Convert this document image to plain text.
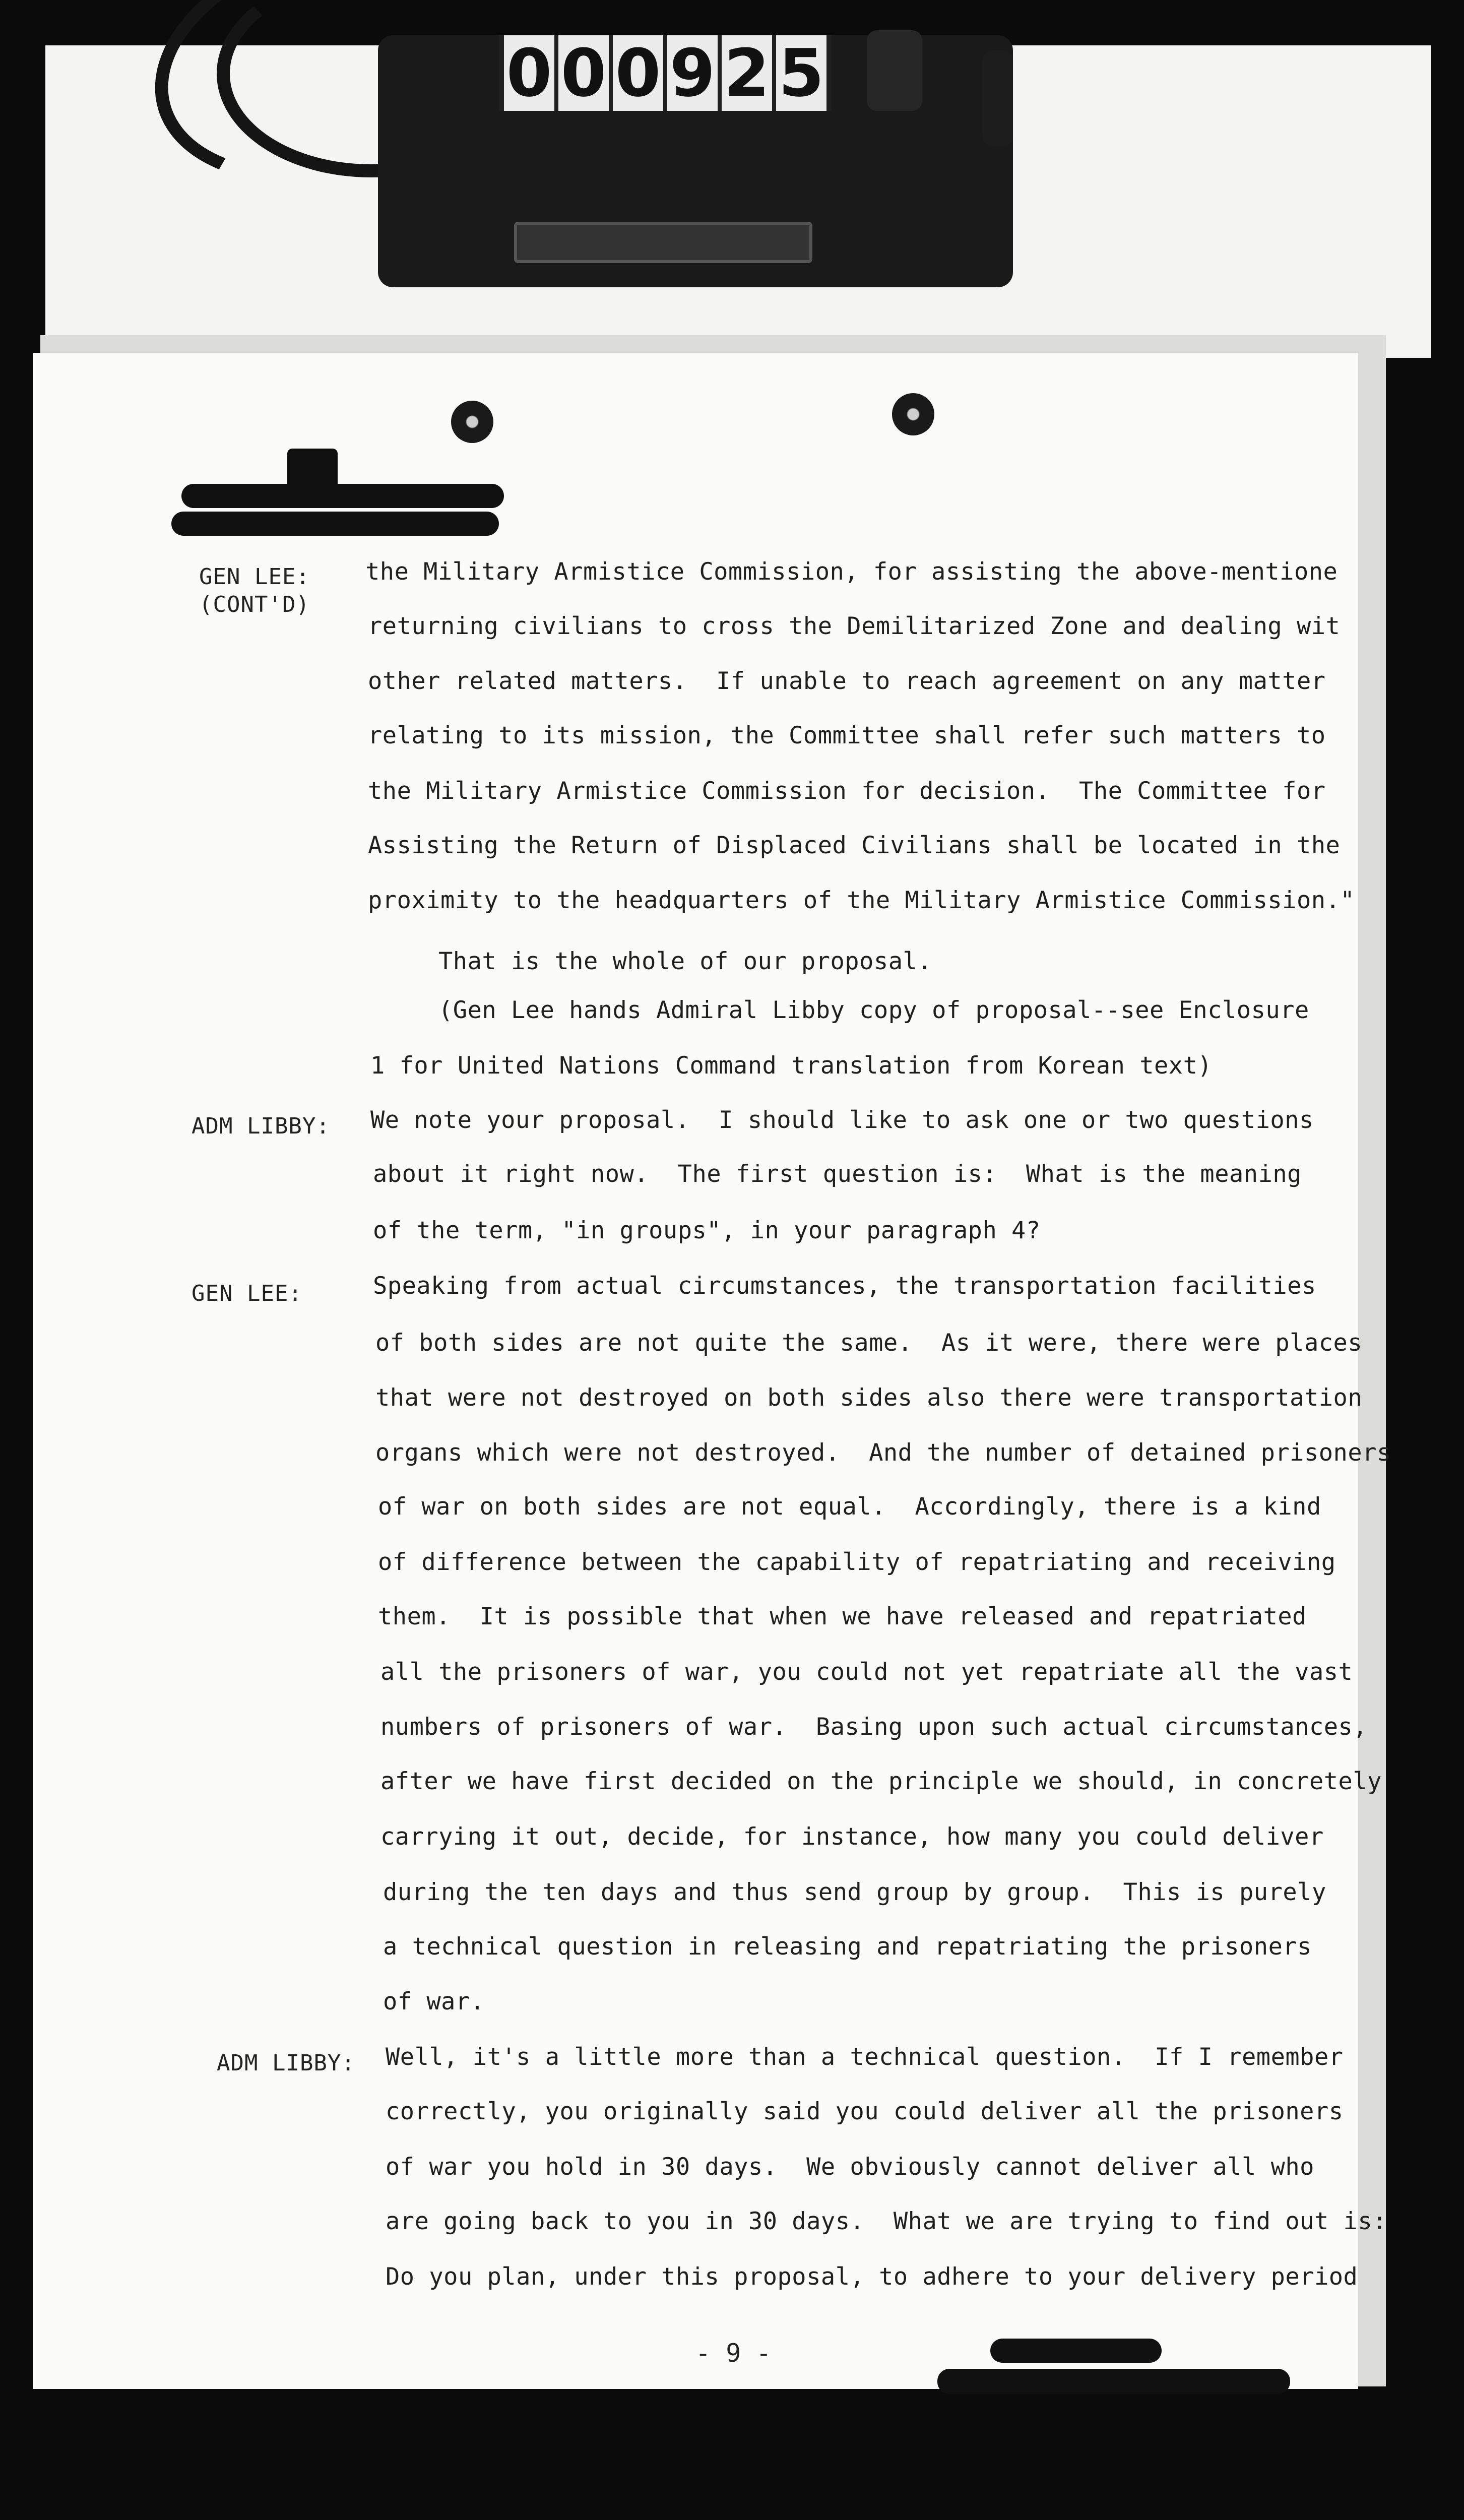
0 0 0 9 2 5
GEN LEE:
(CONT'D)
ADM LIBBY:
GEN LEE:
ADM LIBBY:
the Military Armistice Commission, for assisting the above-mentione
returning civilians to cross the Demilitarized Zone and dealing wit
other related matters.  If unable to reach agreement on any matter
relating to its mission, the Committee shall refer such matters to
the Military Armistice Commission for decision.  The Committee for
Assisting the Return of Displaced Civilians shall be located in the
proximity to the headquarters of the Military Armistice Commission."
That is the whole of our proposal.
(Gen Lee hands Admiral Libby copy of proposal--see Enclosure
1 for United Nations Command translation from Korean text)
We note your proposal.  I should like to ask one or two questions
about it right now.  The first question is:  What is the meaning
of the term, "in groups", in your paragraph 4?
Speaking from actual circumstances, the transportation facilities
of both sides are not quite the same.  As it were, there were places
that were not destroyed on both sides also there were transportation
organs which were not destroyed.  And the number of detained prisoners
of war on both sides are not equal.  Accordingly, there is a kind
of difference between the capability of repatriating and receiving
them.  It is possible that when we have released and repatriated
all the prisoners of war, you could not yet repatriate all the vast
numbers of prisoners of war.  Basing upon such actual circumstances,
after we have first decided on the principle we should, in concretely
carrying it out, decide, for instance, how many you could deliver
during the ten days and thus send group by group.  This is purely
a technical question in releasing and repatriating the prisoners
of war.
Well, it's a little more than a technical question.  If I remember
correctly, you originally said you could deliver all the prisoners
of war you hold in 30 days.  We obviously cannot deliver all who
are going back to you in 30 days.  What we are trying to find out is:
Do you plan, under this proposal, to adhere to your delivery period
- 9 -
